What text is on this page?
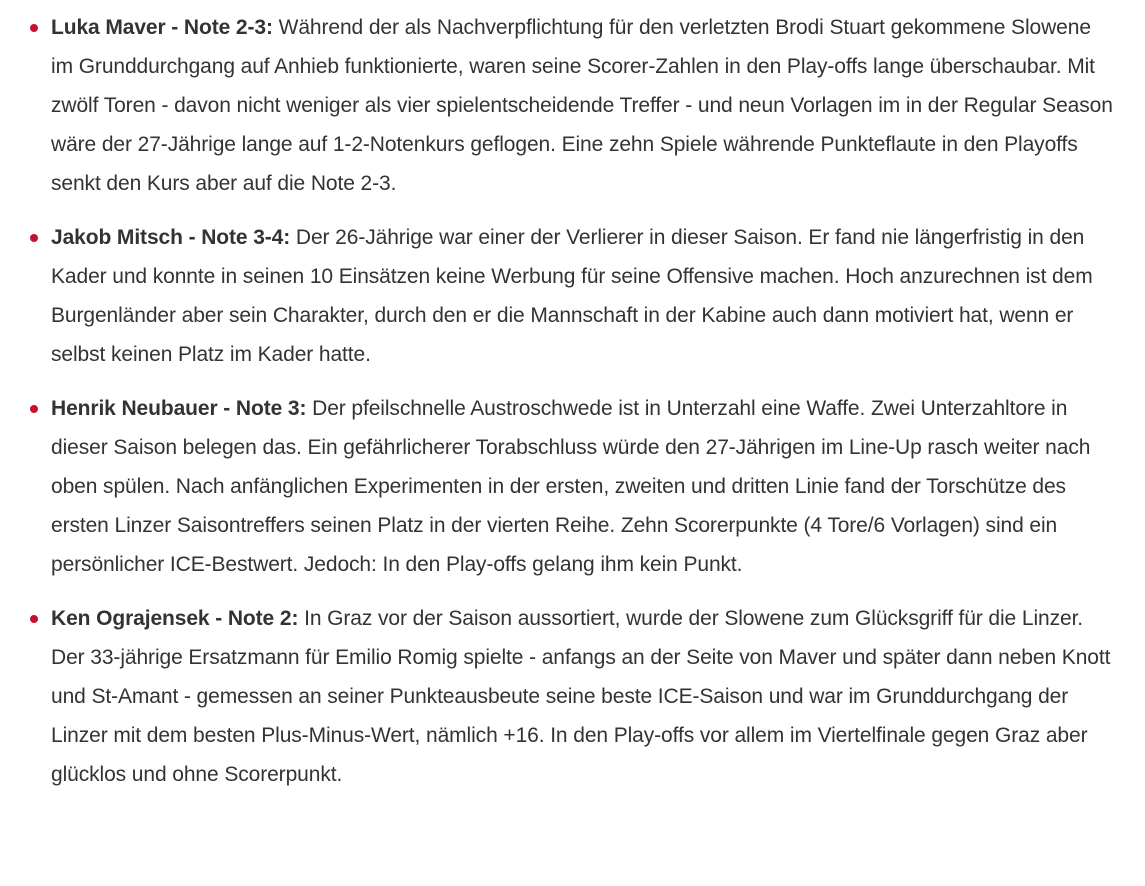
Luka Maver - Note 2-3: Während der als Nachverpflichtung für den verletzten Brodi Stuart gekommene Slowene im Grunddurchgang auf Anhieb funktionierte, waren seine Scorer-Zahlen in den Play-offs lange überschaubar. Mit zwölf Toren - davon nicht weniger als vier spielentscheidende Treffer - und neun Vorlagen im in der Regular Season wäre der 27-Jährige lange auf 1-2-Notenkurs geflogen. Eine zehn Spiele währende Punkteflaute in den Playoffs senkt den Kurs aber auf die Note 2-3.
Jakob Mitsch - Note 3-4: Der 26-Jährige war einer der Verlierer in dieser Saison. Er fand nie längerfristig in den Kader und konnte in seinen 10 Einsätzen keine Werbung für seine Offensive machen. Hoch anzurechnen ist dem Burgenländer aber sein Charakter, durch den er die Mannschaft in der Kabine auch dann motiviert hat, wenn er selbst keinen Platz im Kader hatte.
Henrik Neubauer - Note 3: Der pfeilschnelle Austroschwede ist in Unterzahl eine Waffe. Zwei Unterzahltore in dieser Saison belegen das. Ein gefährlicherer Torabschluss würde den 27-Jährigen im Line-Up rasch weiter nach oben spülen. Nach anfänglichen Experimenten in der ersten, zweiten und dritten Linie fand der Torschütze des ersten Linzer Saisontreffers seinen Platz in der vierten Reihe. Zehn Scorerpunkte (4 Tore/6 Vorlagen) sind ein persönlicher ICE-Bestwert. Jedoch: In den Play-offs gelang ihm kein Punkt.
Ken Ograjensek - Note 2: In Graz vor der Saison aussortiert, wurde der Slowene zum Glücksgriff für die Linzer. Der 33-jährige Ersatzmann für Emilio Romig spielte - anfangs an der Seite von Maver und später dann neben Knott und St-Amant - gemessen an seiner Punkteausbeute seine beste ICE-Saison und war im Grunddurchgang der Linzer mit dem besten Plus-Minus-Wert, nämlich +16. In den Play-offs vor allem im Viertelfinale gegen Graz aber glücklos und ohne Scorerpunkt.
